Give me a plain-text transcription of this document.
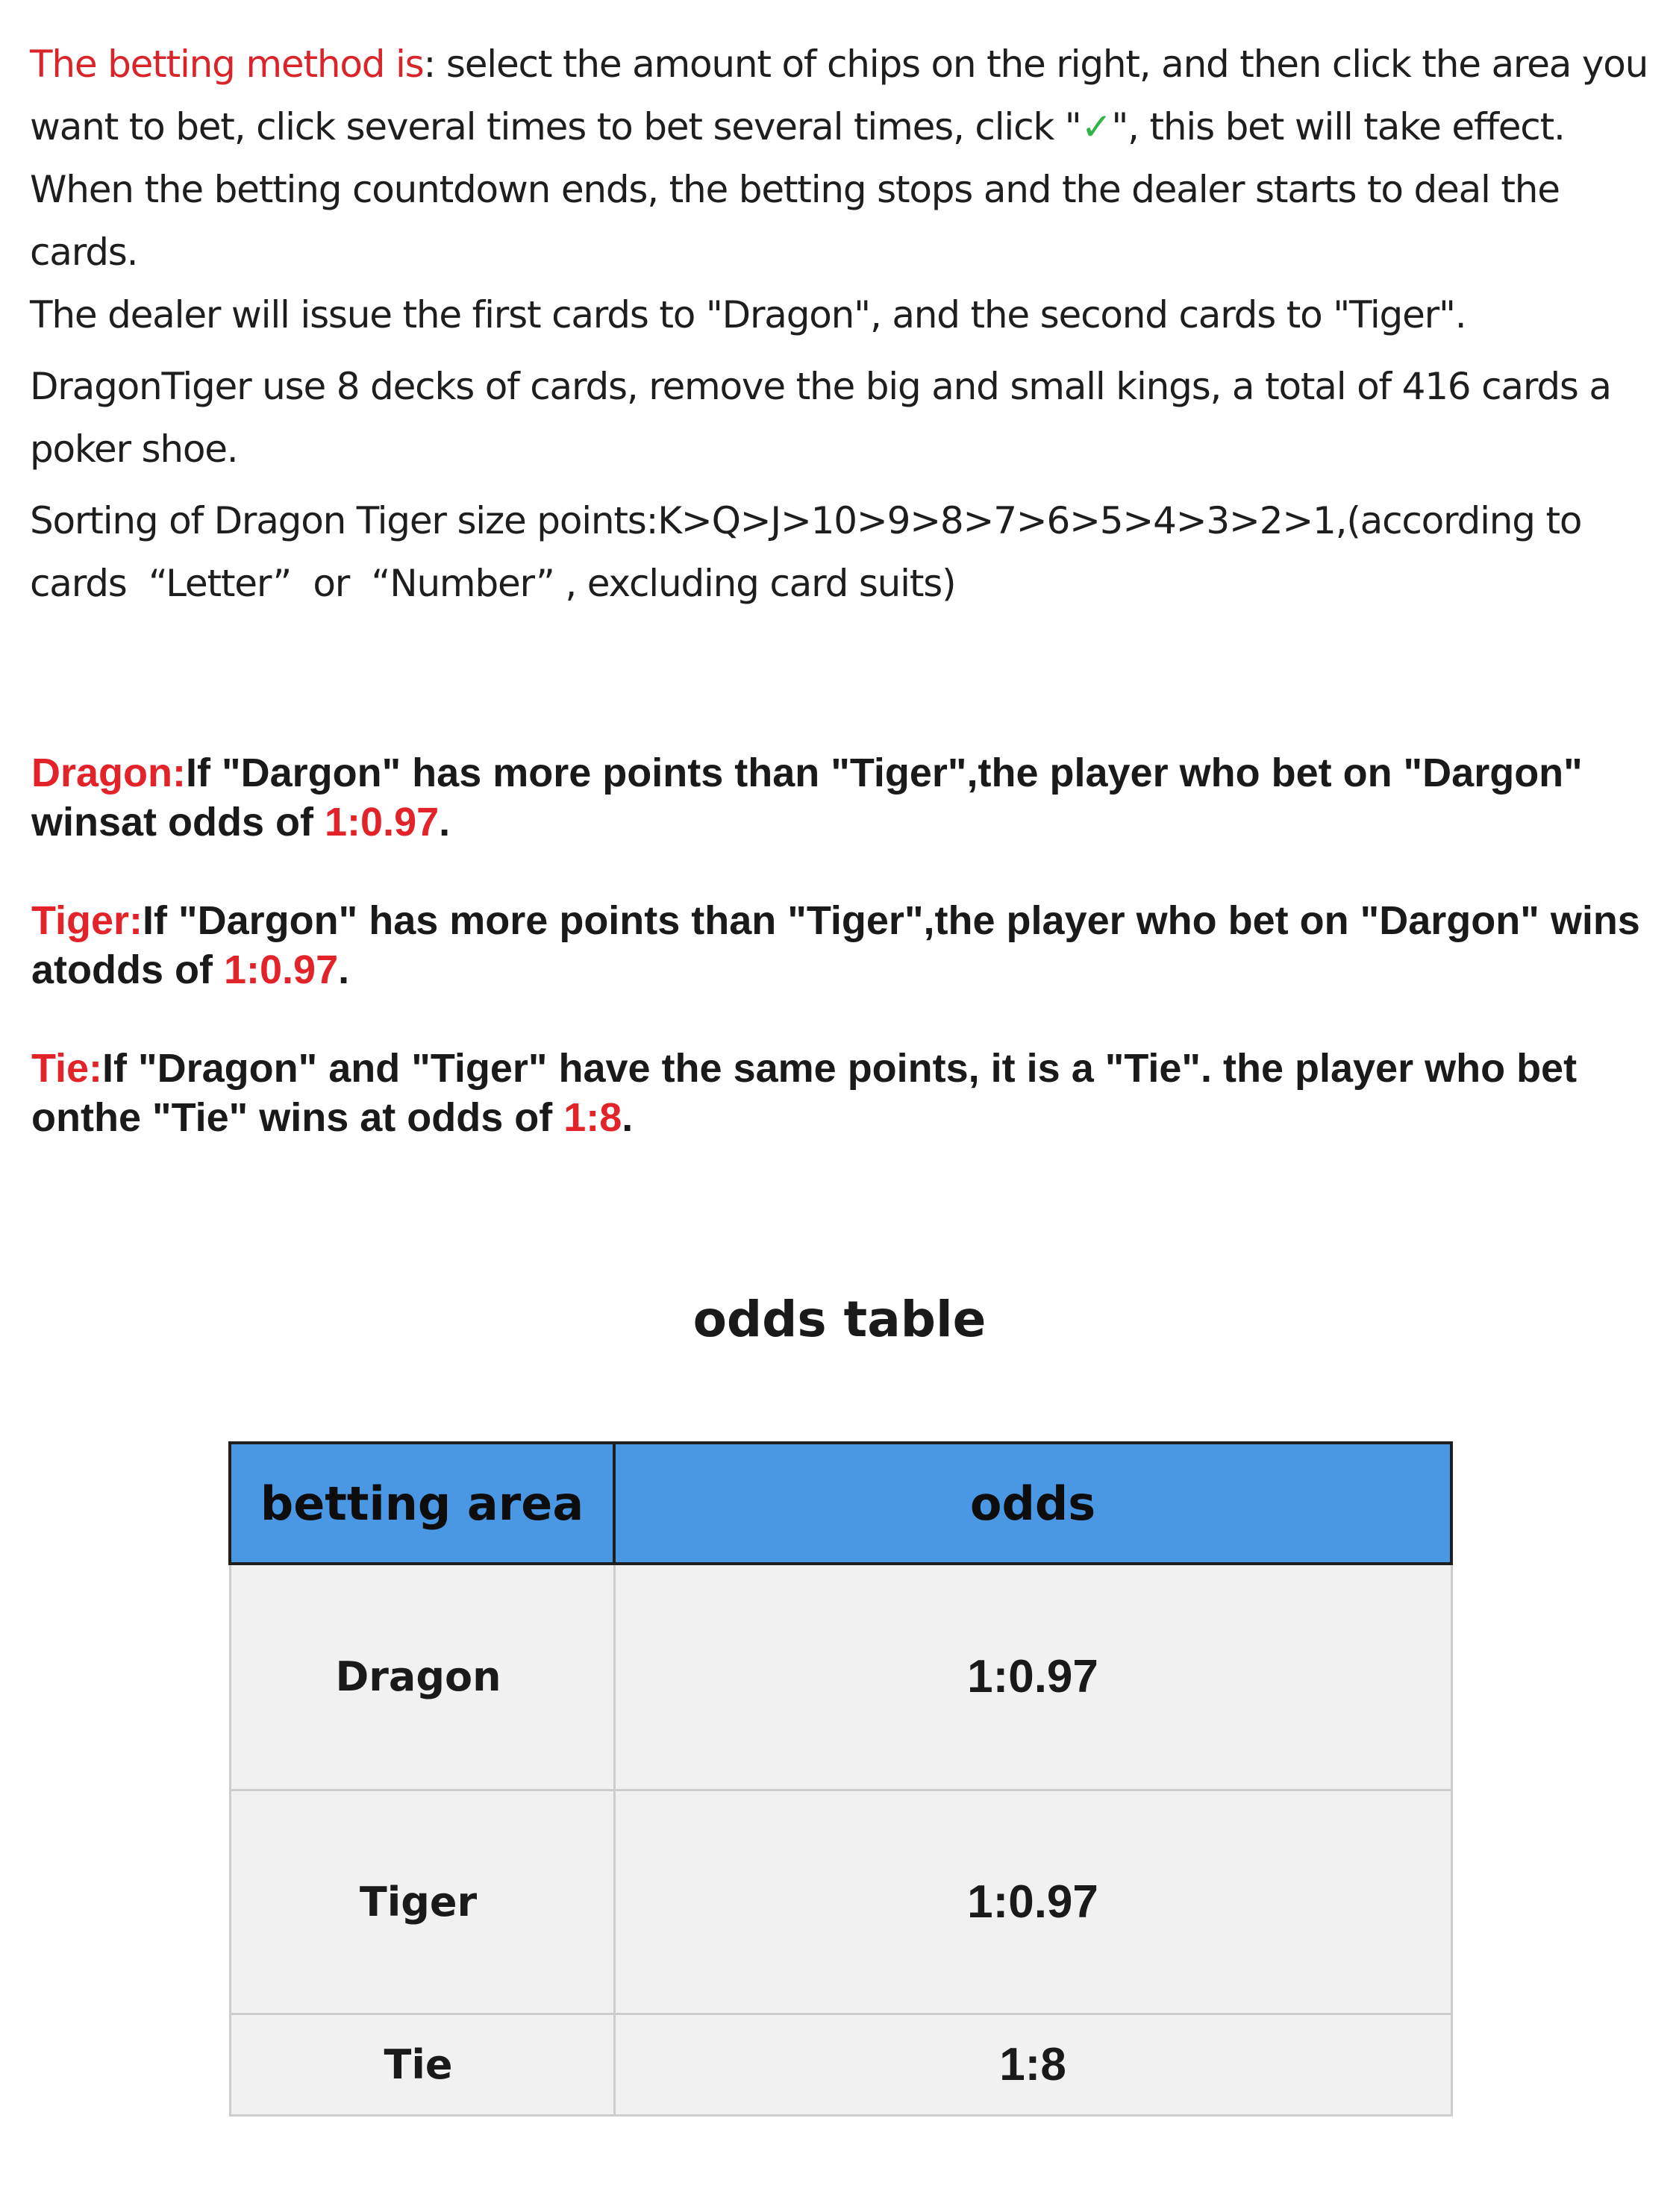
The betting method is: select the amount of chips on the right, and then click the area you want to bet, click several times to bet several times, click "✓", this bet will take effect.

When the betting countdown ends, the betting stops and the dealer starts to deal the cards.

The dealer will issue the first cards to "Dragon", and the second cards to "Tiger".

DragonTiger use 8 decks of cards, remove the big and small kings, a total of 416 cards a poker shoe.

Sorting of Dragon Tiger size points:K>Q>J>10>9>8>7>6>5>4>3>2>1,(according to cards  “Letter”  or  “Number” , excluding card suits)

Dragon:If "Dargon" has more points than "Tiger",the player who bet on "Dargon" winsat odds of 1:0.97.
Tiger:If "Dargon" has more points than "Tiger",the player who bet on "Dargon" wins atodds of 1:0.97.
Tie:If "Dragon" and "Tiger" have the same points, it is a "Tie". the player who bet onthe "Tie" wins at odds of 1:8.
odds table
betting area	odds
Dragon	1:0.97
Tiger	1:0.97
Tie	1:8
